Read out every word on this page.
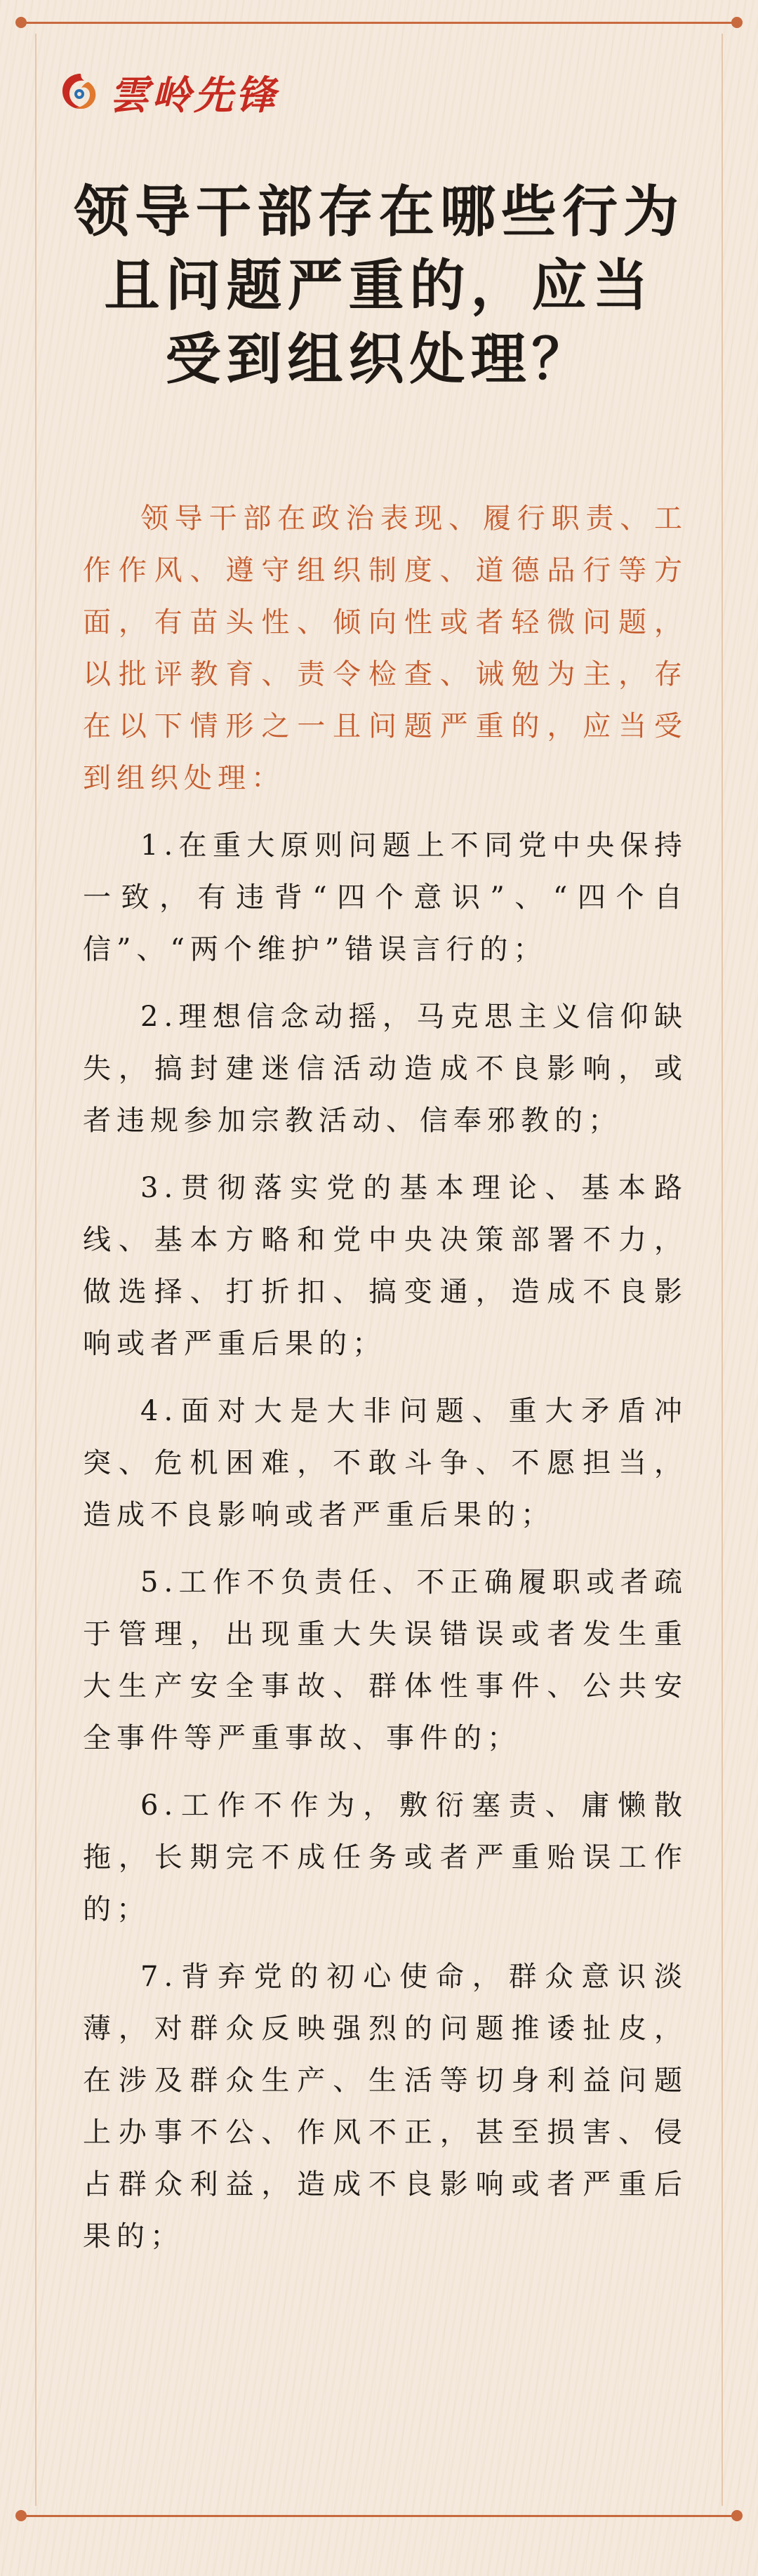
雲岭先锋
领导干部存在哪些行为
且问题严重的，应当
受到组织处理？

领导干部在政治表现、履行职责、工作作风、遵守组织制度、道德品行等方面，有苗头性、倾向性或者轻微问题，以批评教育、责令检查、诫勉为主，存在以下情形之一且问题严重的，应当受到组织处理：

1.在重大原则问题上不同党中央保持一致，有违背“四个意识”、“四个自信”、“两个维护”错误言行的；

2.理想信念动摇，马克思主义信仰缺失，搞封建迷信活动造成不良影响，或者违规参加宗教活动、信奉邪教的；

3.贯彻落实党的基本理论、基本路线、基本方略和党中央决策部署不力，做选择、打折扣、搞变通，造成不良影响或者严重后果的；

4.面对大是大非问题、重大矛盾冲突、危机困难，不敢斗争、不愿担当，造成不良影响或者严重后果的；

5.工作不负责任、不正确履职或者疏于管理，出现重大失误错误或者发生重大生产安全事故、群体性事件、公共安全事件等严重事故、事件的；

6.工作不作为，敷衍塞责、庸懒散拖，长期完不成任务或者严重贻误工作的；

7.背弃党的初心使命，群众意识淡薄，对群众反映强烈的问题推诿扯皮，在涉及群众生产、生活等切身利益问题上办事不公、作风不正，甚至损害、侵占群众利益，造成不良影响或者严重后果的；
